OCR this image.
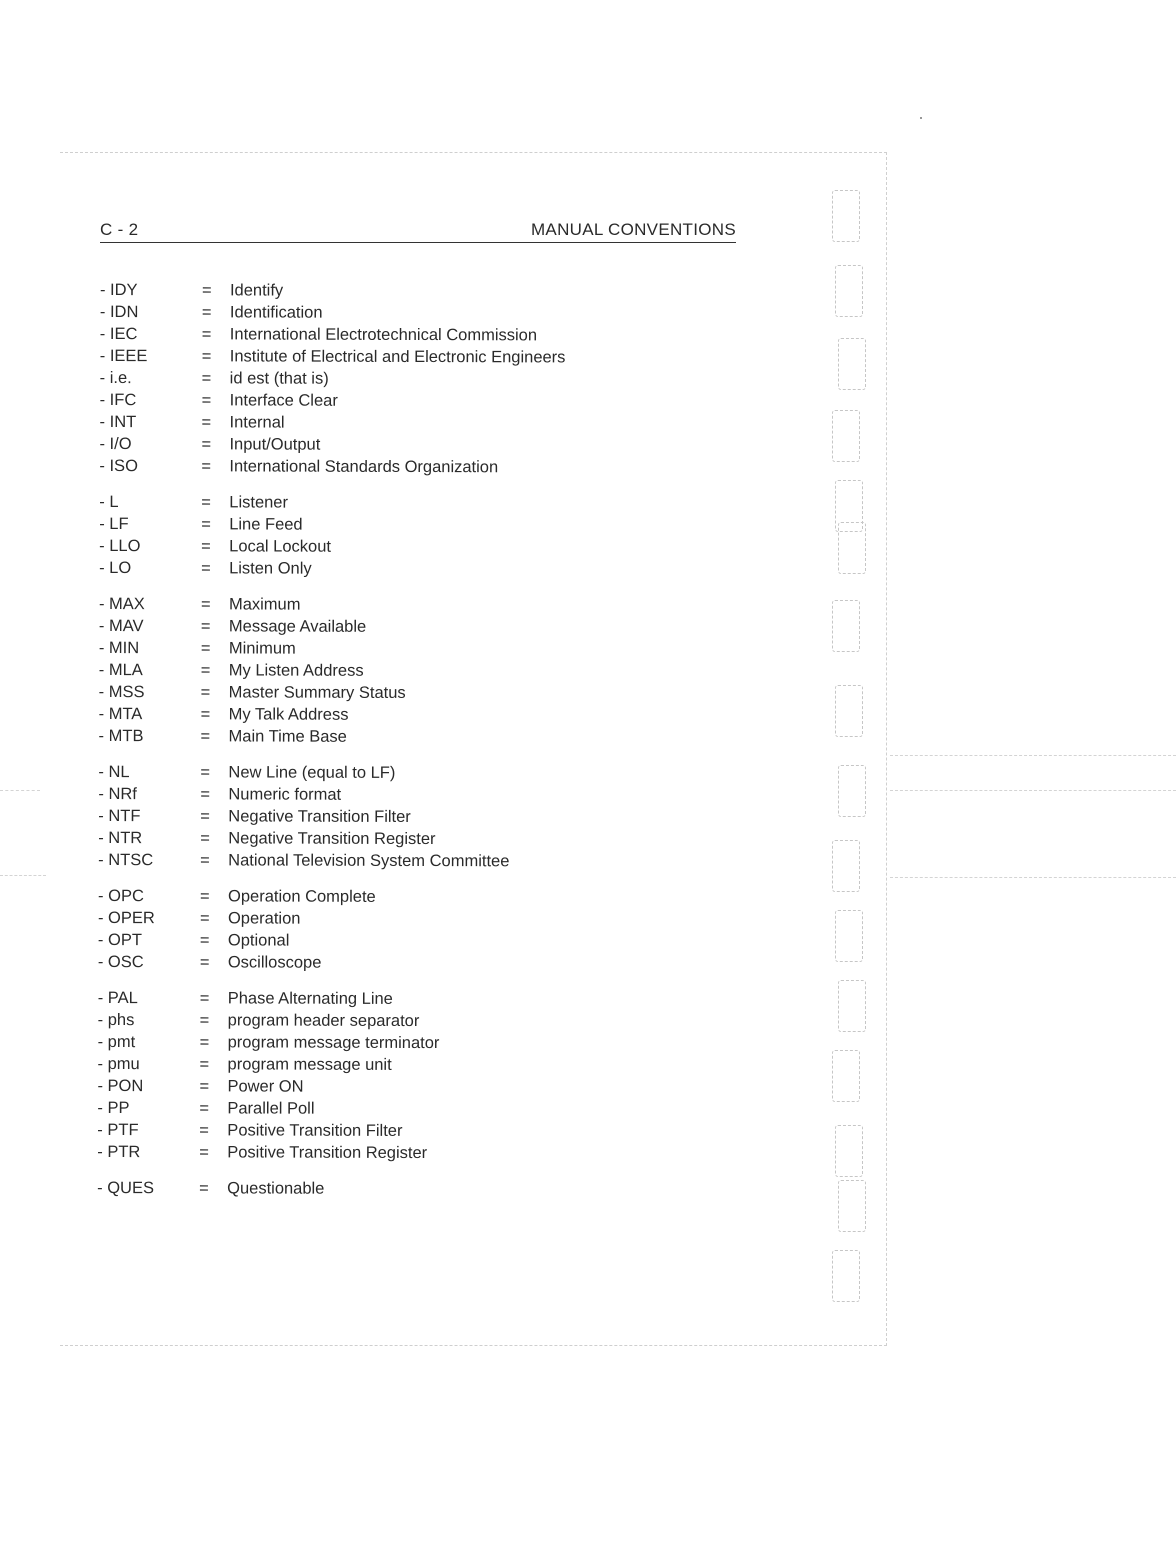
C - 2	MANUAL CONVENTIONS
- IDY	= Identify
- IDN	= Identification
- IEC	= International Electrotechnical Commission
- IEEE	= Institute of Electrical and Electronic Engineers
- i.e.	= id est (that is)
- IFC	= Interface Clear
- INT	= Internal
- I/O	= Input/Output
- ISO	= International Standards Organization
- L	= Listener
- LF	= Line Feed
- LLO	= Local Lockout
- LO	= Listen Only
- MAX	= Maximum
- MAV	= Message Available
- MIN	= Minimum
- MLA	= My Listen Address
- MSS	= Master Summary Status
- MTA	= My Talk Address
- MTB	= Main Time Base
- NL	= New Line (equal to LF)
- NRf	= Numeric format
- NTF	= Negative Transition Filter
- NTR	= Negative Transition Register
- NTSC	= National Television System Committee
- OPC	= Operation Complete
- OPER	= Operation
- OPT	= Optional
- OSC	= Oscilloscope
- PAL	= Phase Alternating Line
- phs	= program header separator
- pmt	= program message terminator
- pmu	= program message unit
- PON	= Power ON
- PP	= Parallel Poll
- PTF	= Positive Transition Filter
- PTR	= Positive Transition Register
- QUES	= Questionable
